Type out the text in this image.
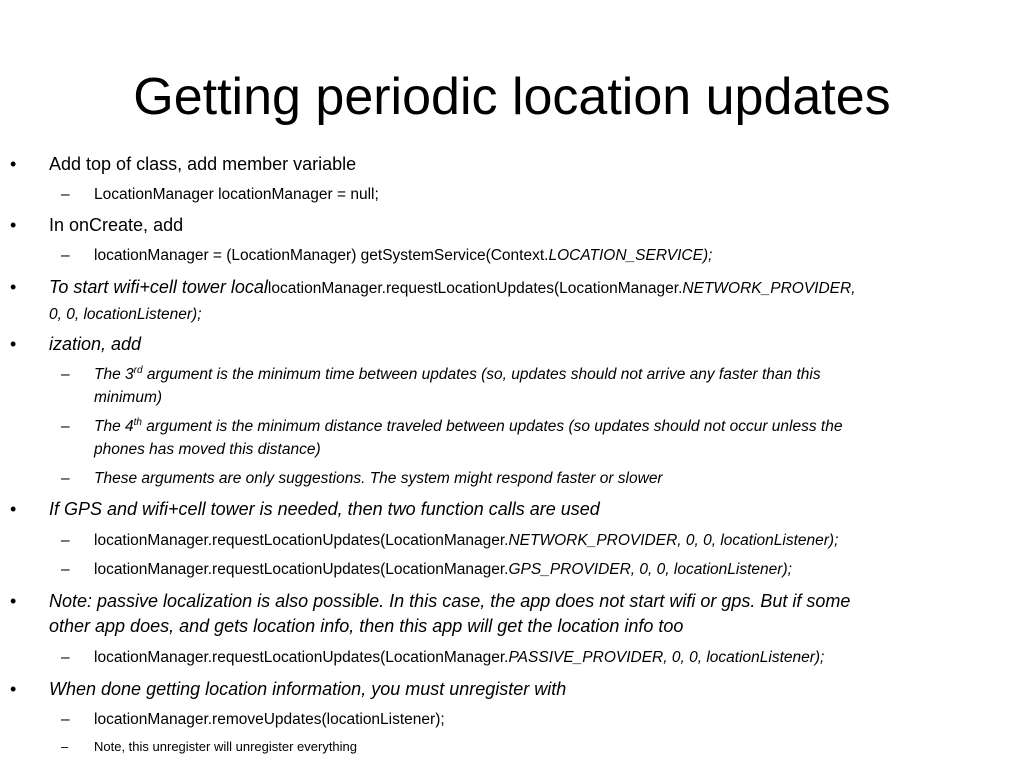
Getting periodic location updates
• Add top of class, add member variable
– LocationManager locationManager = null;
• In onCreate, add
– locationManager = (LocationManager) getSystemService(Context.LOCATION_SERVICE);
• To start wifi+cell tower locallocationManager.requestLocationUpdates(LocationManager.NETWORK_PROVIDER,
0, 0, locationListener);
• ization, add
– The 3rd argument is the minimum time between updates (so, updates should not arrive any faster than this
minimum)
– The 4th argument is the minimum distance traveled between updates (so updates should not occur unless the
phones has moved this distance)
– These arguments are only suggestions. The system might respond faster or slower
• If GPS and wifi+cell tower is needed, then two function calls are used
– locationManager.requestLocationUpdates(LocationManager.NETWORK_PROVIDER, 0, 0, locationListener);
– locationManager.requestLocationUpdates(LocationManager.GPS_PROVIDER, 0, 0, locationListener);
• Note: passive localization is also possible. In this case, the app does not start wifi or gps. But if some
other app does, and gets location info, then this app will get the location info too
– locationManager.requestLocationUpdates(LocationManager.PASSIVE_PROVIDER, 0, 0, locationListener);
• When done getting location information, you must unregister with
– locationManager.removeUpdates(locationListener);
– Note, this unregister will unregister everything
